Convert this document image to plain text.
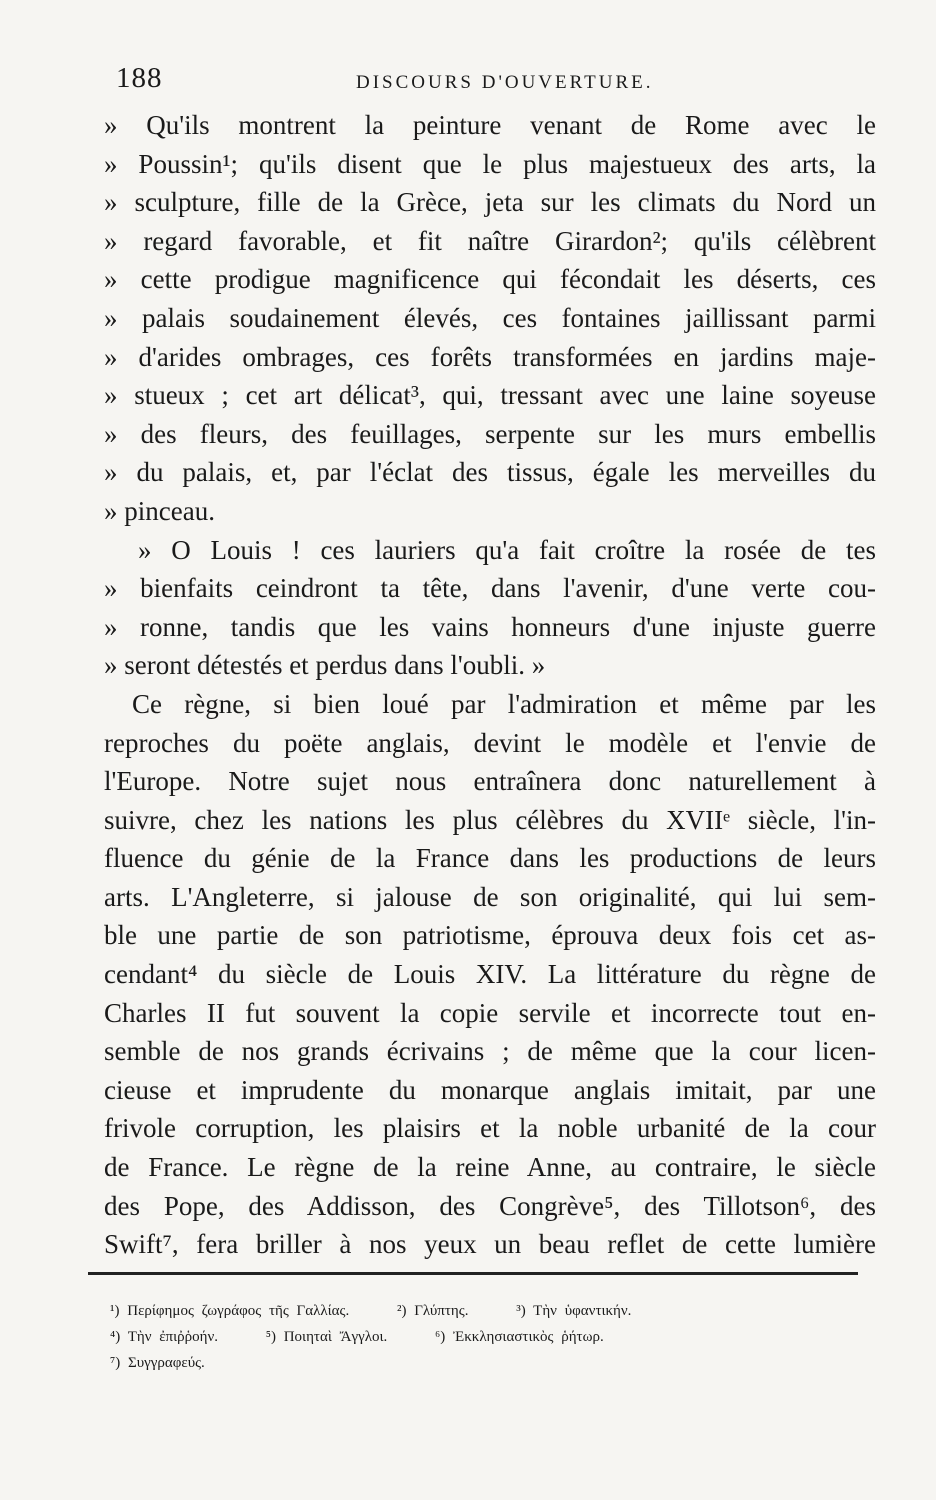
188	DISCOURS D'OUVERTURE.
» Qu'ils montrent la peinture venant de Rome avec le
» Poussin¹; qu'ils disent que le plus majestueux des arts, la
» sculpture, fille de la Grèce, jeta sur les climats du Nord un
» regard favorable, et fit naître Girardon²; qu'ils célèbrent
» cette prodigue magnificence qui fécondait les déserts, ces
» palais soudainement élevés, ces fontaines jaillissant parmi
» d'arides ombrages, ces forêts transformées en jardins maje-
» stueux ; cet art délicat³, qui, tressant avec une laine soyeuse
» des fleurs, des feuillages, serpente sur les murs embellis
» du palais, et, par l'éclat des tissus, égale les merveilles du
» pinceau.
» O Louis ! ces lauriers qu'a fait croître la rosée de tes
» bienfaits ceindront ta tête, dans l'avenir, d'une verte cou-
» ronne, tandis que les vains honneurs d'une injuste guerre
» seront détestés et perdus dans l'oubli. »
Ce règne, si bien loué par l'admiration et même par les
reproches du poëte anglais, devint le modèle et l'envie de
l'Europe. Notre sujet nous entraînera donc naturellement à
suivre, chez les nations les plus célèbres du XVIIᵉ siècle, l'in-
fluence du génie de la France dans les productions de leurs
arts. L'Angleterre, si jalouse de son originalité, qui lui sem-
ble une partie de son patriotisme, éprouva deux fois cet as-
cendant⁴ du siècle de Louis XIV. La littérature du règne de
Charles II fut souvent la copie servile et incorrecte tout en-
semble de nos grands écrivains ; de même que la cour licen-
cieuse et imprudente du monarque anglais imitait, par une
frivole corruption, les plaisirs et la noble urbanité de la cour
de France. Le règne de la reine Anne, au contraire, le siècle
des Pope, des Addisson, des Congrève⁵, des Tillotson⁶, des
Swift⁷, fera briller à nos yeux un beau reflet de cette lumière
¹) Περίφημος ζωγράφος τῆς Γαλλίας.	²) Γλύπτης.	³) Τὴν ὑφαντικήν.
⁴) Τὴν ἐπιῤῥοήν.	⁵) Ποιηταὶ Ἄγγλοι.	⁶) Ἐκκλησιαστικὸς ῥήτωρ.
⁷) Συγγραφεύς.
